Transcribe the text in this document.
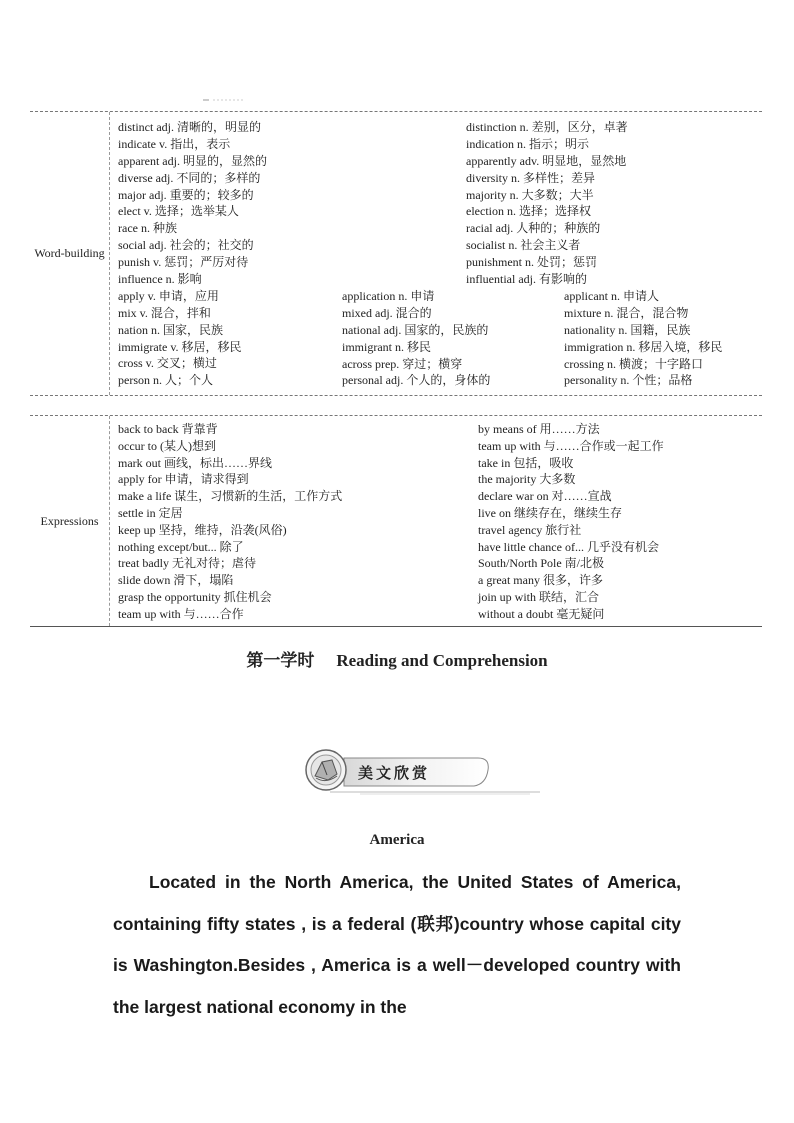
Word-building
distinct adj. 清晰的，明显的
indicate v. 指出，表示
apparent adj. 明显的，显然的
diverse adj. 不同的；多样的
major adj. 重要的；较多的
elect v. 选择；选举某人
race n. 种族
social adj. 社会的；社交的
punish v. 惩罚；严厉对待
influence n. 影响
apply v. 申请，应用
mix v. 混合，拌和
nation n. 国家，民族
immigrate v. 移居，移民
cross v. 交叉；横过
person n. 人；个人
distinction n. 差别，区分，卓著
indication n. 指示；明示
apparently adv. 明显地，显然地
diversity n. 多样性；差异
majority n. 大多数；大半
election n. 选择；选择权
racial adj. 人种的；种族的
socialist n. 社会主义者
punishment n. 处罚；惩罚
influential adj. 有影响的
application n. 申请
mixed adj. 混合的
national adj. 国家的，民族的
immigrant n. 移民
across prep. 穿过；横穿
personal adj. 个人的，身体的
applicant n. 申请人
mixture n. 混合，混合物
nationality n. 国籍，民族
immigration n. 移居入境，移民
crossing n. 横渡；十字路口
personality n. 个性；品格
Expressions
back to back 背靠背
occur to (某人)想到
mark out 画线，标出……界线
apply for 申请，请求得到
make a life 谋生，习惯新的生活，工作方式
settle in 定居
keep up 坚持，维持，沿袭(风俗)
nothing except/but... 除了
treat badly 无礼对待；虐待
slide down 滑下，塌陷
grasp the opportunity 抓住机会
team up with 与……合作
by means of 用……方法
team up with 与……合作或一起工作
take in 包括，吸收
the majority 大多数
declare war on 对……宣战
live on 继续存在，继续生存
travel agency 旅行社
have little chance of... 几乎没有机会
South/North Pole 南/北极
a great many 很多，许多
join up with 联结，汇合
without a doubt 毫无疑问
第一学时 Reading and Comprehension
美文欣赏
America
Located in the North America, the United States of America, containing fifty states , is a federal (联邦)country whose capital city is Washington.Besides , America is a well－developed country with the largest national economy in the
